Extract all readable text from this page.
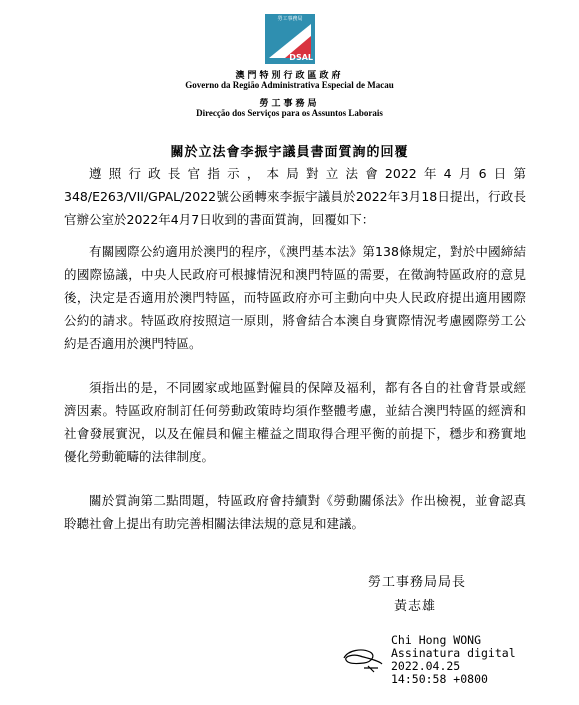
勞工事務局
DSAL
澳門特別行政區政府
Governo da Região Administrativa Especial de Macau
勞工事務局
Direcção dos Serviços para os Assuntos Laborais
關於立法會李振宇議員書面質詢的回覆

遵照行政長官指示，本局對立法會2022年4月6日第348/E263/VII/GPAL/2022號公函轉來李振宇議員於2022年3月18日提出，行政長官辦公室於2022年4月7日收到的書面質詢，回覆如下：

有關國際公約適用於澳門的程序，《澳門基本法》第138條規定，對於中國締結的國際協議，中央人民政府可根據情況和澳門特區的需要，在徵詢特區政府的意見後，決定是否適用於澳門特區，而特區政府亦可主動向中央人民政府提出適用國際公約的請求。特區政府按照這一原則，將會結合本澳自身實際情況考慮國際勞工公約是否適用於澳門特區。

須指出的是，不同國家或地區對僱員的保障及福利，都有各自的社會背景或經濟因素。特區政府制訂任何勞動政策時均須作整體考慮，並結合澳門特區的經濟和社會發展實況，以及在僱員和僱主權益之間取得合理平衡的前提下，穩步和務實地優化勞動範疇的法律制度。

關於質詢第二點問題，特區政府會持續對《勞動關係法》作出檢視，並會認真聆聽社會上提出有助完善相關法律法規的意見和建議。

勞工事務局局長
黃志雄
Chi Hong WONG
Assinatura digital
2022.04.25
14:50:58 +0800
